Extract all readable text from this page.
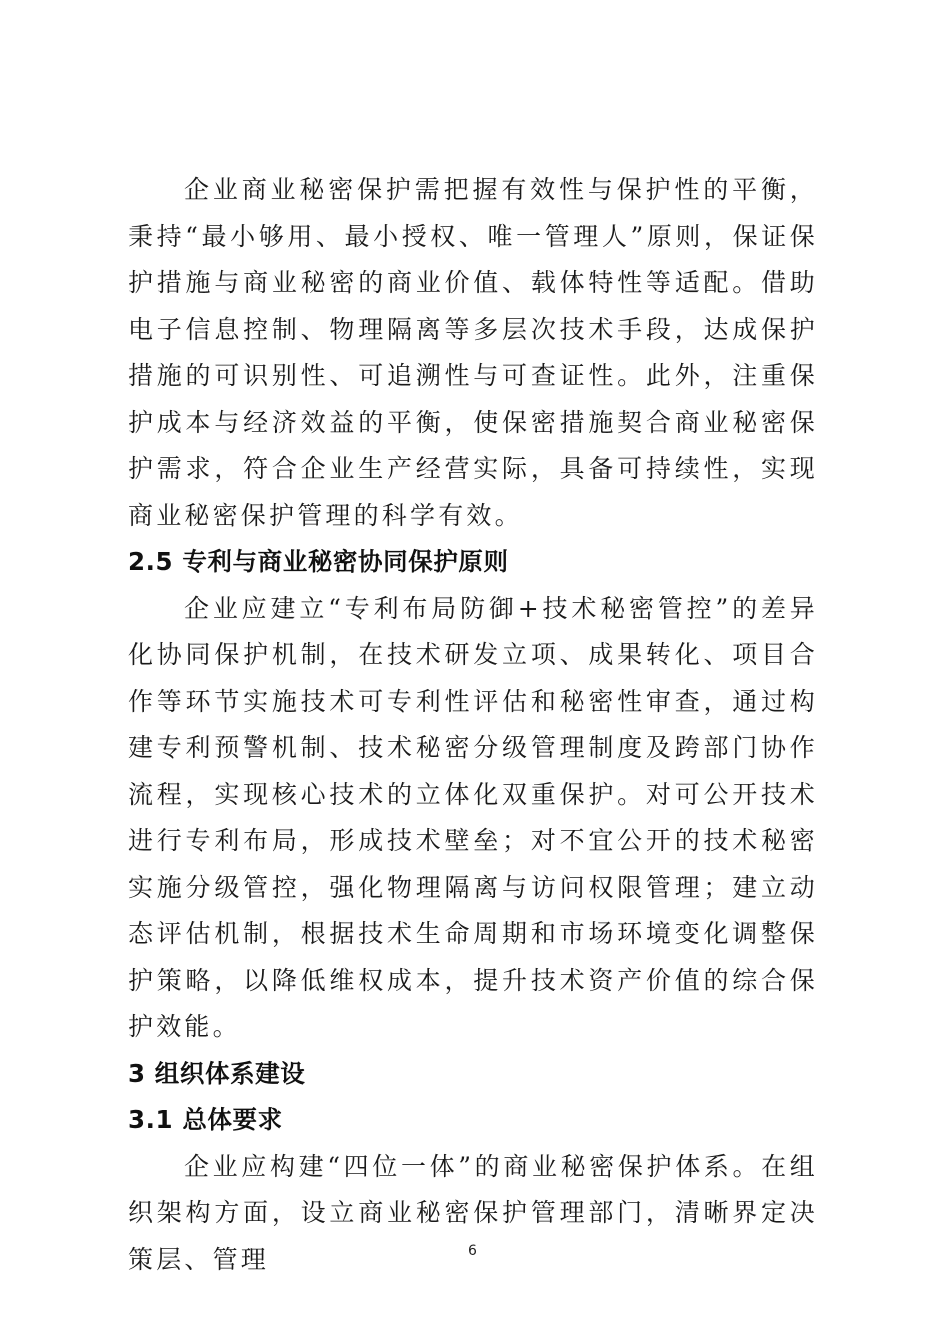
企业商业秘密保护需把握有效性与保护性的平衡，秉持“最小够用、最小授权、唯一管理人”原则，保证保护措施与商业秘密的商业价值、载体特性等适配。借助电子信息控制、物理隔离等多层次技术手段，达成保护措施的可识别性、可追溯性与可查证性。此外，注重保护成本与经济效益的平衡，使保密措施契合商业秘密保护需求，符合企业生产经营实际，具备可持续性，实现商业秘密保护管理的科学有效。

2.5 专利与商业秘密协同保护原则

企业应建立“专利布局防御+技术秘密管控”的差异化协同保护机制，在技术研发立项、成果转化、项目合作等环节实施技术可专利性评估和秘密性审查，通过构建专利预警机制、技术秘密分级管理制度及跨部门协作流程，实现核心技术的立体化双重保护。对可公开技术进行专利布局，形成技术壁垒；对不宜公开的技术秘密实施分级管控，强化物理隔离与访问权限管理；建立动态评估机制，根据技术生命周期和市场环境变化调整保护策略，以降低维权成本，提升技术资产价值的综合保护效能。

3 组织体系建设
3.1 总体要求

企业应构建“四位一体”的商业秘密保护体系。在组织架构方面，设立商业秘密保护管理部门，清晰界定决策层、管理	6
